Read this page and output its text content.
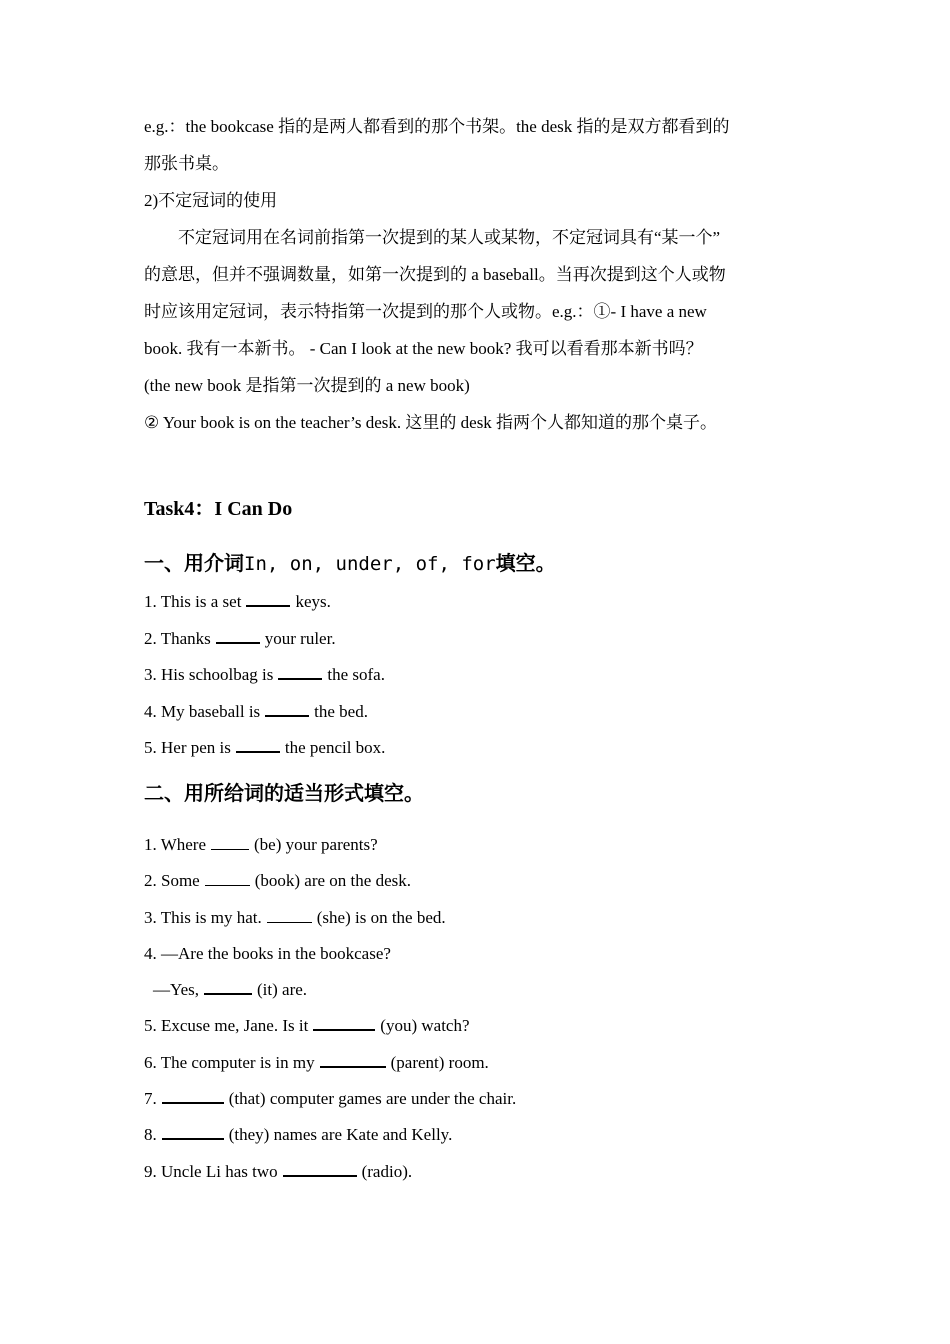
e.g.：the bookcase 指的是两人都看到的那个书架。the desk 指的是双方都看到的
那张书桌。
2)不定冠词的使用
不定冠词用在名词前指第一次提到的某人或某物，不定冠词具有“某一个”
的意思，但并不强调数量，如第一次提到的 a baseball。当再次提到这个人或物
时应该用定冠词，表示特指第一次提到的那个人或物。e.g.：①- I have a new
book. 我有一本新书。 - Can I look at the new book? 我可以看看那本新书吗？
(the new book 是指第一次提到的 a new book)
② Your book is on the teacher’s desk. 这里的 desk 指两个人都知道的那个桌子。
Task4：I Can Do
一、用介词In, on, under, of, for填空。
1. This is a set	keys.
2. Thanks	your ruler.
3. His schoolbag is	the sofa.
4. My baseball is	the bed.
5. Her pen is	the pencil box.
二、用所给词的适当形式填空。
1. Where	(be) your parents?
2. Some	(book) are on the desk.
3. This is my hat.	(she) is on the bed.
4. —Are the books in the bookcase?
—Yes,	(it) are.
5. Excuse me, Jane. Is it	(you) watch?
6. The computer is in my	(parent) room.
7.	(that) computer games are under the chair.
8.	(they) names are Kate and Kelly.
9. Uncle Li has two	(radio).
